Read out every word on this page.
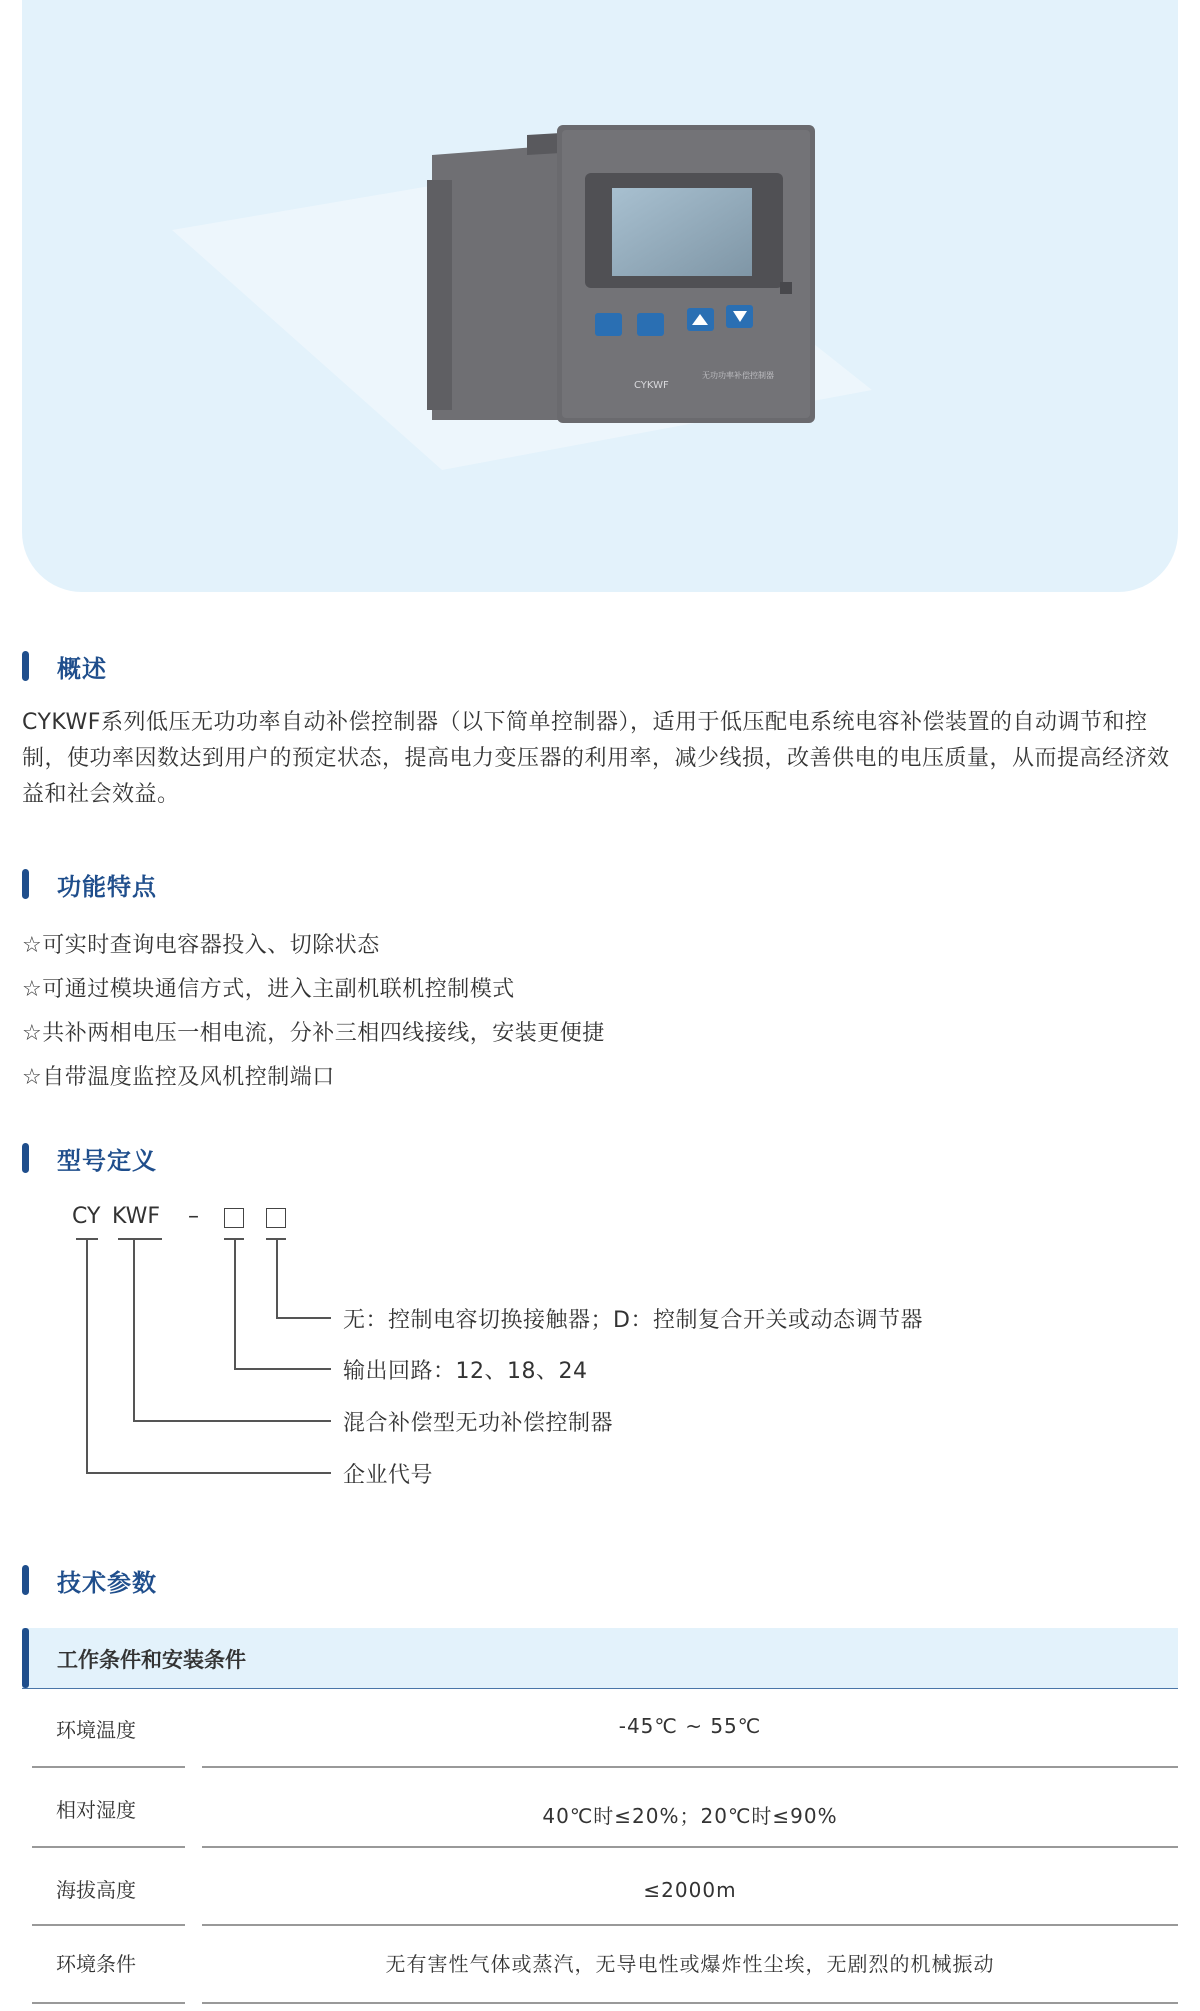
CYKWF
无功功率补偿控制器
概述
CYKWF系列低压无功功率自动补偿控制器（以下简单控制器），适用于低压配电系统电容补偿装置的自动调节和控制，使功率因数达到用户的预定状态，提高电力变压器的利用率，减少线损，改善供电的电压质量，从而提高经济效益和社会效益。
功能特点
☆可实时查询电容器投入、切除状态
☆可通过模块通信方式，进入主副机联机控制模式
☆共补两相电压一相电流，分补三相四线接线，安装更便捷
☆自带温度监控及风机控制端口
型号定义
CY KWF –
无：控制电容切换接触器；D：控制复合开关或动态调节器
输出回路：12、18、24
混合补偿型无功补偿控制器
企业代号
技术参数
工作条件和安装条件
环境温度	-45℃ ~ 55℃
相对湿度	40℃时≤20%；20℃时≤90%
海拔高度	≤2000m
环境条件	无有害性气体或蒸汽，无导电性或爆炸性尘埃，无剧烈的机械振动
